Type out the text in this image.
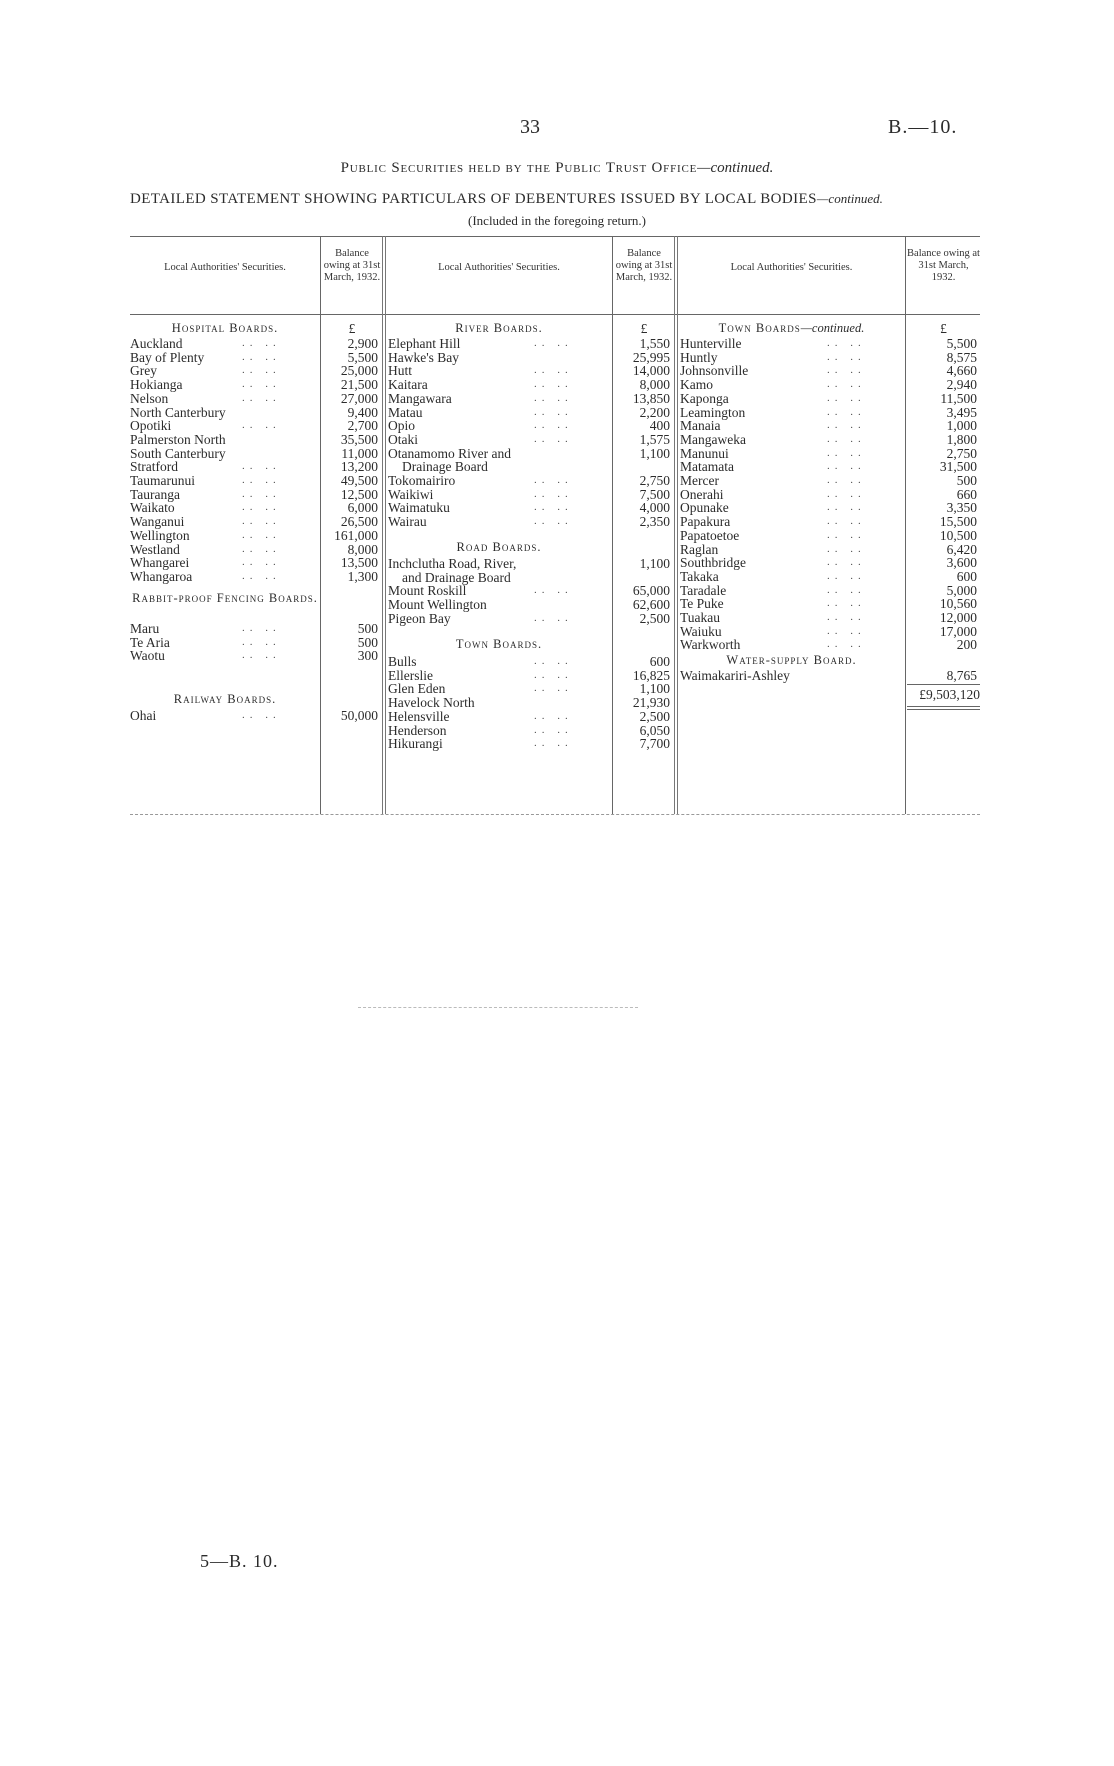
33	B.—10.
Public Securities held by the Public Trust Office—continued.
DETAILED STATEMENT SHOWING PARTICULARS OF DEBENTURES ISSUED BY LOCAL BODIES—continued.
(Included in the foregoing return.)
Local Authorities' Securities.
Balance owing at 31st March, 1932.
Local Authorities' Securities.
Balance owing at 31st March, 1932.
Local Authorities' Securities.
Balance owing at 31st March, 1932.
£	£	£
Hospital Boards.
Rabbit-proof Fencing Boards.
Railway Boards.
River Boards.
Road Boards.
Town Boards.
Town Boards—continued.
Water-supply Board.
Auckland	.. ..	2,900
Bay of Plenty	.. ..	5,500
Grey	.. ..	25,000
Hokianga	.. ..	21,500
Nelson	.. ..	27,000
North Canterbury	9,400
Opotiki	.. ..	2,700
Palmerston North	35,500
South Canterbury	11,000
Stratford	.. ..	13,200
Taumarunui	.. ..	49,500
Tauranga	.. ..	12,500
Waikato	.. ..	6,000
Wanganui	.. ..	26,500
Wellington	.. ..	161,000
Westland	.. ..	8,000
Whangarei	.. ..	13,500
Whangaroa	.. ..	1,300
Maru	.. ..	500
Te Aria	.. ..	500
Waotu	.. ..	300
Ohai	.. ..	50,000
Elephant Hill	.. ..	1,550
Hawke's Bay	25,995
Hutt	.. ..	14,000
Kaitara	.. ..	8,000
Mangawara	.. ..	13,850
Matau	.. ..	2,200
Opio	.. ..	400
Otaki	.. ..	1,575
Otanamomo River and	1,100
Drainage Board
Tokomairiro	.. ..	2,750
Waikiwi	.. ..	7,500
Waimatuku	.. ..	4,000
Wairau	.. ..	2,350
Inchclutha Road, River,	1,100
and Drainage Board
Mount Roskill	.. ..	65,000
Mount Wellington	62,600
Pigeon Bay	.. ..	2,500
Bulls	.. ..	600
Ellerslie	.. ..	16,825
Glen Eden	.. ..	1,100
Havelock North	21,930
Helensville	.. ..	2,500
Henderson	.. ..	6,050
Hikurangi	.. ..	7,700
Hunterville	.. ..	5,500
Huntly	.. ..	8,575
Johnsonville	.. ..	4,660
Kamo	.. ..	2,940
Kaponga	.. ..	11,500
Leamington	.. ..	3,495
Manaia	.. ..	1,000
Mangaweka	.. ..	1,800
Manunui	.. ..	2,750
Matamata	.. ..	31,500
Mercer	.. ..	500
Onerahi	.. ..	660
Opunake	.. ..	3,350
Papakura	.. ..	15,500
Papatoetoe	.. ..	10,500
Raglan	.. ..	6,420
Southbridge	.. ..	3,600
Takaka	.. ..	600
Taradale	.. ..	5,000
Te Puke	.. ..	10,560
Tuakau	.. ..	12,000
Waiuku	.. ..	17,000
Warkworth	.. ..	200
Waimakariri-Ashley	8,765
£9,503,120
5—B. 10.
